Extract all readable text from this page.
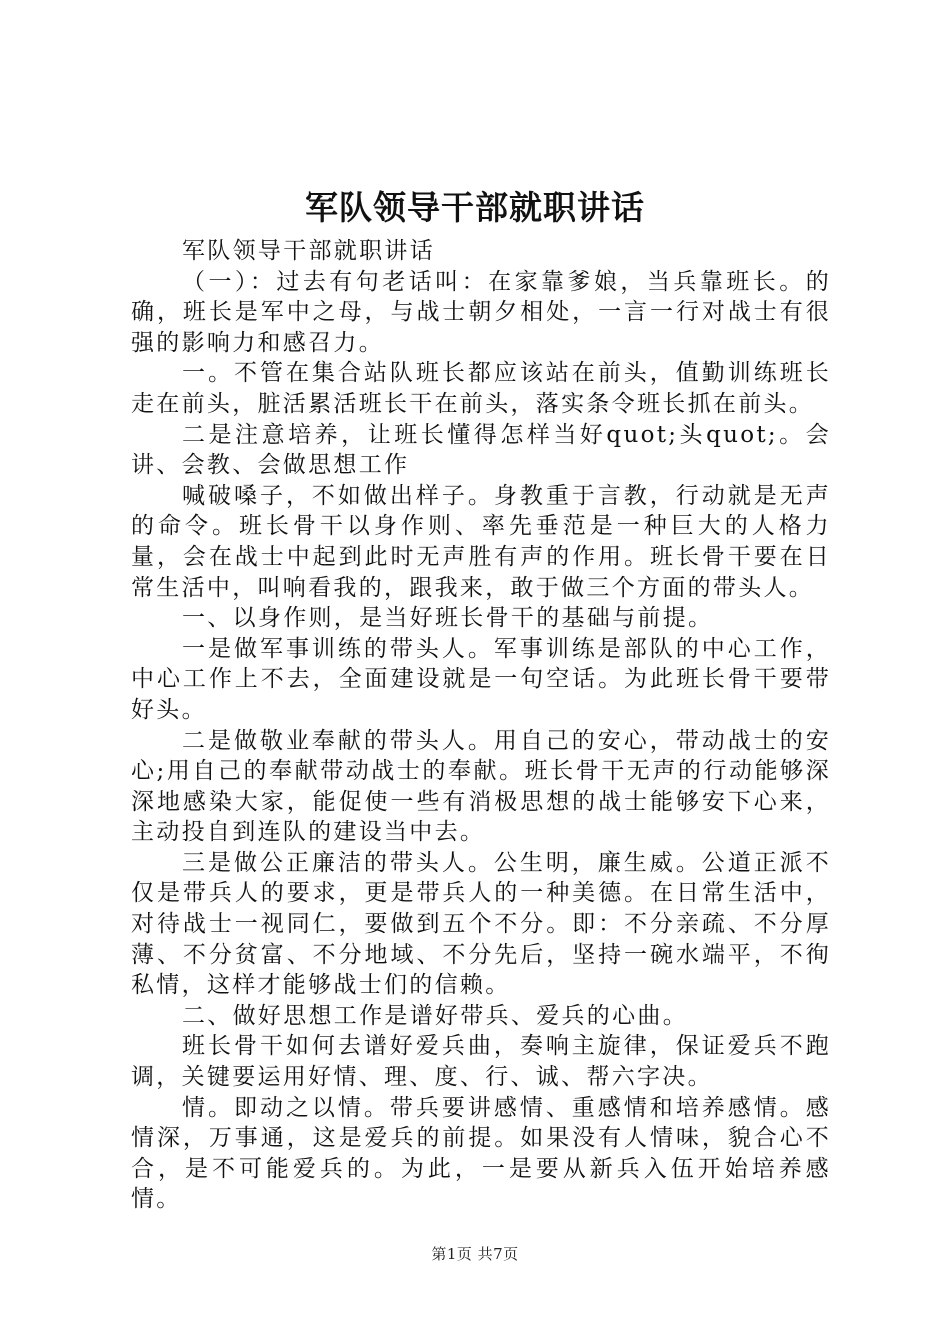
军队领导干部就职讲话

军队领导干部就职讲话

（一）：过去有句老话叫：在家靠爹娘，当兵靠班长。的确，班长是军中之母，与战士朝夕相处，一言一行对战士有很强的影响力和感召力。

一。不管在集合站队班长都应该站在前头，值勤训练班长走在前头，脏活累活班长干在前头，落实条令班长抓在前头。

二是注意培养，让班长懂得怎样当好quot;头quot;。会讲、会教、会做思想工作

喊破嗓子，不如做出样子。身教重于言教，行动就是无声的命令。班长骨干以身作则、率先垂范是一种巨大的人格力量，会在战士中起到此时无声胜有声的作用。班长骨干要在日常生活中，叫响看我的，跟我来，敢于做三个方面的带头人。

一、以身作则，是当好班长骨干的基础与前提。

一是做军事训练的带头人。军事训练是部队的中心工作，中心工作上不去，全面建设就是一句空话。为此班长骨干要带好头。

二是做敬业奉献的带头人。用自己的安心，带动战士的安心;用自己的奉献带动战士的奉献。班长骨干无声的行动能够深深地感染大家，能促使一些有消极思想的战士能够安下心来，主动投自到连队的建设当中去。

三是做公正廉洁的带头人。公生明，廉生威。公道正派不仅是带兵人的要求，更是带兵人的一种美德。在日常生活中，对待战士一视同仁，要做到五个不分。即：不分亲疏、不分厚薄、不分贫富、不分地域、不分先后，坚持一碗水端平，不徇私情，这样才能够战士们的信赖。

二、做好思想工作是谱好带兵、爱兵的心曲。

班长骨干如何去谱好爱兵曲，奏响主旋律，保证爱兵不跑调，关键要运用好情、理、度、行、诚、帮六字决。

情。即动之以情。带兵要讲感情、重感情和培养感情。感情深，万事通，这是爱兵的前提。如果没有人情味，貌合心不合，是不可能爱兵的。为此，一是要从新兵入伍开始培养感情。

第1页 共7页
